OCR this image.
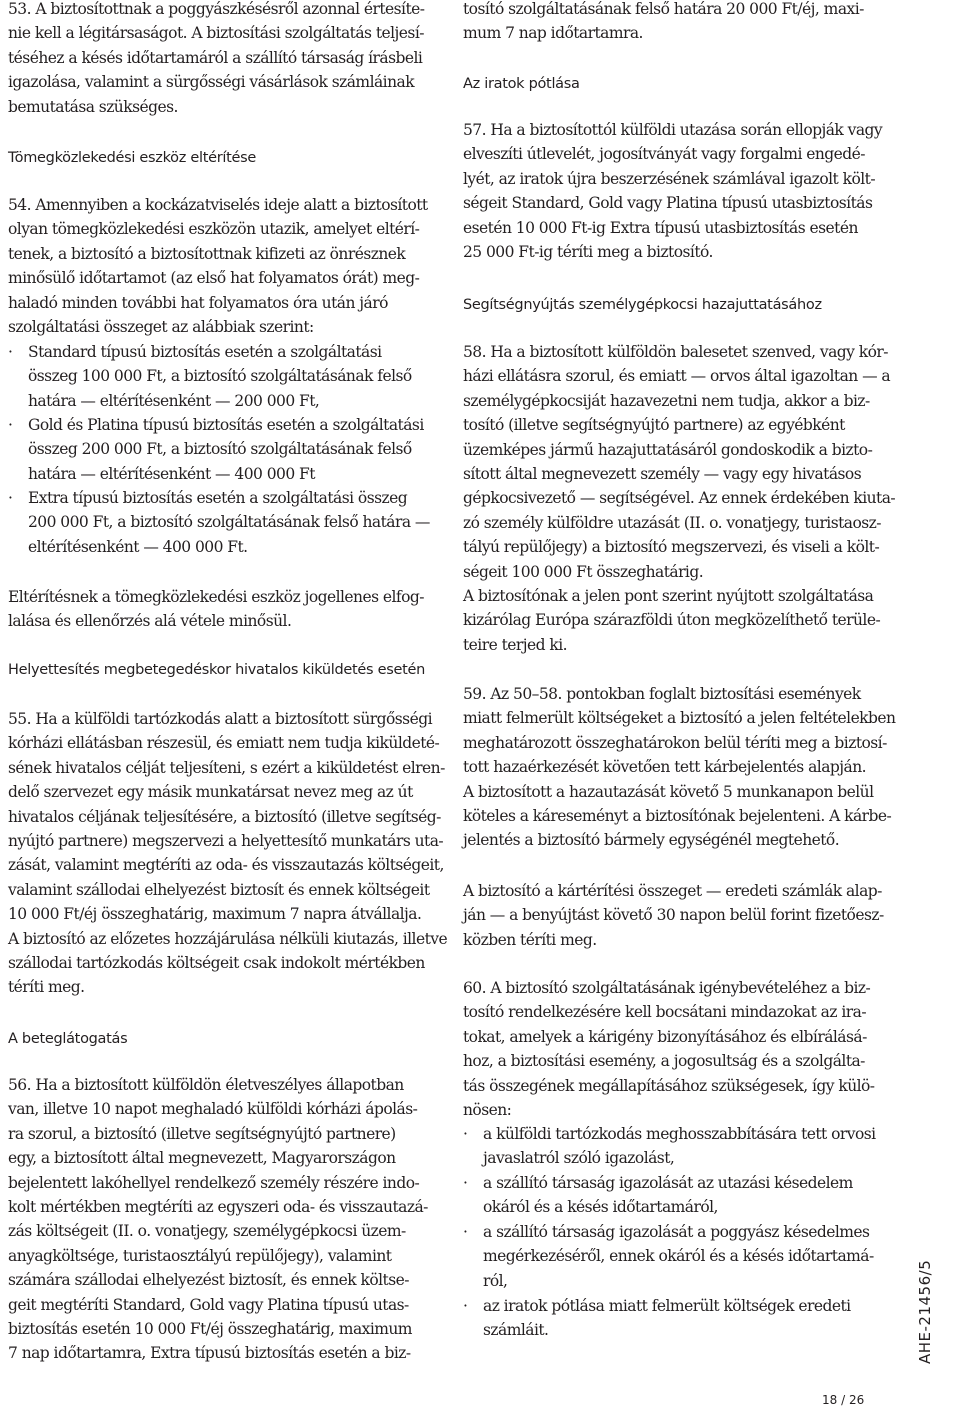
53. A biztosítottnak a poggyászkésésről azonnal értesíte-
nie kell a légitársaságot. A biztosítási szolgáltatás teljesí-
téséhez a késés időtartamáról a szállító társaság írásbeli
igazolása, valamint a sürgősségi vásárlások számláinak
bemutatása szükséges.

Tömegközlekedési eszköz eltérítése

54. Amennyiben a kockázatviselés ideje alatt a biztosított
olyan tömegközlekedési eszközön utazik, amelyet eltérí-
tenek, a biztosító a biztosítottnak kifizeti az önrésznek
minősülő időtartamot (az első hat folyamatos órát) meg-
haladó minden további hat folyamatos óra után járó
szolgáltatási összeget az alábbiak szerint:

· Standard típusú biztosítás esetén a szolgáltatási
összeg 100 000 Ft, a biztosító szolgáltatásának felső
határa — eltérítésenként — 200 000 Ft,

· Gold és Platina típusú biztosítás esetén a szolgáltatási
összeg 200 000 Ft, a biztosító szolgáltatásának felső
határa — eltérítésenként — 400 000 Ft

· Extra típusú biztosítás esetén a szolgáltatási összeg
200 000 Ft, a biztosító szolgáltatásának felső határa —
eltérítésenként — 400 000 Ft.

Eltérítésnek a tömegközlekedési eszköz jogellenes elfog-
lalása és ellenőrzés alá vétele minősül.

Helyettesítés megbetegedéskor hivatalos kiküldetés esetén

55. Ha a külföldi tartózkodás alatt a biztosított sürgősségi
kórházi ellátásban részesül, és emiatt nem tudja kiküldeté-
sének hivatalos célját teljesíteni, s ezért a kiküldetést elren-
delő szervezet egy másik munkatársat nevez meg az út
hivatalos céljának teljesítésére, a biztosító (illetve segítség-
nyújtó partnere) megszervezi a helyettesítő munkatárs uta-
zását, valamint megtéríti az oda- és visszautazás költségeit,
valamint szállodai elhelyezést biztosít és ennek költségeit
10 000 Ft/éj összeghatárig, maximum 7 napra átvállalja.
A biztosító az előzetes hozzájárulása nélküli kiutazás, illetve
szállodai tartózkodás költségeit csak indokolt mértékben
téríti meg.

A beteglátogatás

56. Ha a biztosított külföldön életveszélyes állapotban
van, illetve 10 napot meghaladó külföldi kórházi ápolás-
ra szorul, a biztosító (illetve segítségnyújtó partnere)
egy, a biztosított által megnevezett, Magyarországon
bejelentett lakóhellyel rendelkező személy részére indo-
kolt mértékben megtéríti az egyszeri oda- és visszautazá-
zás költségeit (II. o. vonatjegy, személygépkocsi üzem-
anyagköltsége, turistaosztályú repülőjegy), valamint
számára szállodai elhelyezést biztosít, és ennek költse-
geit megtéríti Standard, Gold vagy Platina típusú utas-
biztosítás esetén 10 000 Ft/éj összeghatárig, maximum
7 nap időtartamra, Extra típusú biztosítás esetén a biz-

tosító szolgáltatásának felső határa 20 000 Ft/éj, maxi-
mum 7 nap időtartamra.

Az iratok pótlása

57. Ha a biztosítottól külföldi utazása során ellopják vagy
elveszíti útlevelét, jogosítványát vagy forgalmi engedé-
lyét, az iratok újra beszerzésének számlával igazolt költ-
ségeit Standard, Gold vagy Platina típusú utasbiztosítás
esetén 10 000 Ft-ig Extra típusú utasbiztosítás esetén
25 000 Ft-ig téríti meg a biztosító.

Segítségnyújtás személygépkocsi hazajuttatásához

58. Ha a biztosított külföldön balesetet szenved, vagy kór-
házi ellátásra szorul, és emiatt — orvos által igazoltan — a
személygépkocsiját hazavezetni nem tudja, akkor a biz-
tosító (illetve segítségnyújtó partnere) az egyébként
üzemképes jármű hazajuttatásáról gondoskodik a bizto-
sított által megnevezett személy — vagy egy hivatásos
gépkocsivezető — segítségével. Az ennek érdekében kiuta-
zó személy külföldre utazását (II. o. vonatjegy, turistaosz-
tályú repülőjegy) a biztosító megszervezi, és viseli a költ-
ségeit 100 000 Ft összeghatárig.
A biztosítónak a jelen pont szerint nyújtott szolgáltatása
kizárólag Európa szárazföldi úton megközelíthető terüle-
teire terjed ki.

59. Az 50–58. pontokban foglalt biztosítási események
miatt felmerült költségeket a biztosító a jelen feltételekben
meghatározott összeghatárokon belül téríti meg a biztosí-
tott hazaérkezését követően tett kárbejelentés alapján.
A biztosított a hazautazását követő 5 munkanapon belül
köteles a káreseményt a biztosítónak bejelenteni. A kárbe-
jelentés a biztosító bármely egységénél megtehető.

A biztosító a kártérítési összeget — eredeti számlák alap-
ján — a benyújtást követő 30 napon belül forint fizetőesz-
közben téríti meg.

60. A biztosító szolgáltatásának igénybevételéhez a biz-
tosító rendelkezésére kell bocsátani mindazokat az ira-
tokat, amelyek a kárigény bizonyításához és elbírálásá-
hoz, a biztosítási esemény, a jogosultság és a szolgálta-
tás összegének megállapításához szükségesek, így külö-
nösen:

· a külföldi tartózkodás meghosszabbítására tett orvosi
javaslatról szóló igazolást,

· a szállító társaság igazolását az utazási késedelem
okáról és a késés időtartamáról,

· a szállító társaság igazolását a poggyász késedelmes
megérkezéséről, ennek okáról és a késés időtartamá-
ról,

· az iratok pótlása miatt felmerült költségek eredeti
számláit.	AHE-21456/5
18 / 26
